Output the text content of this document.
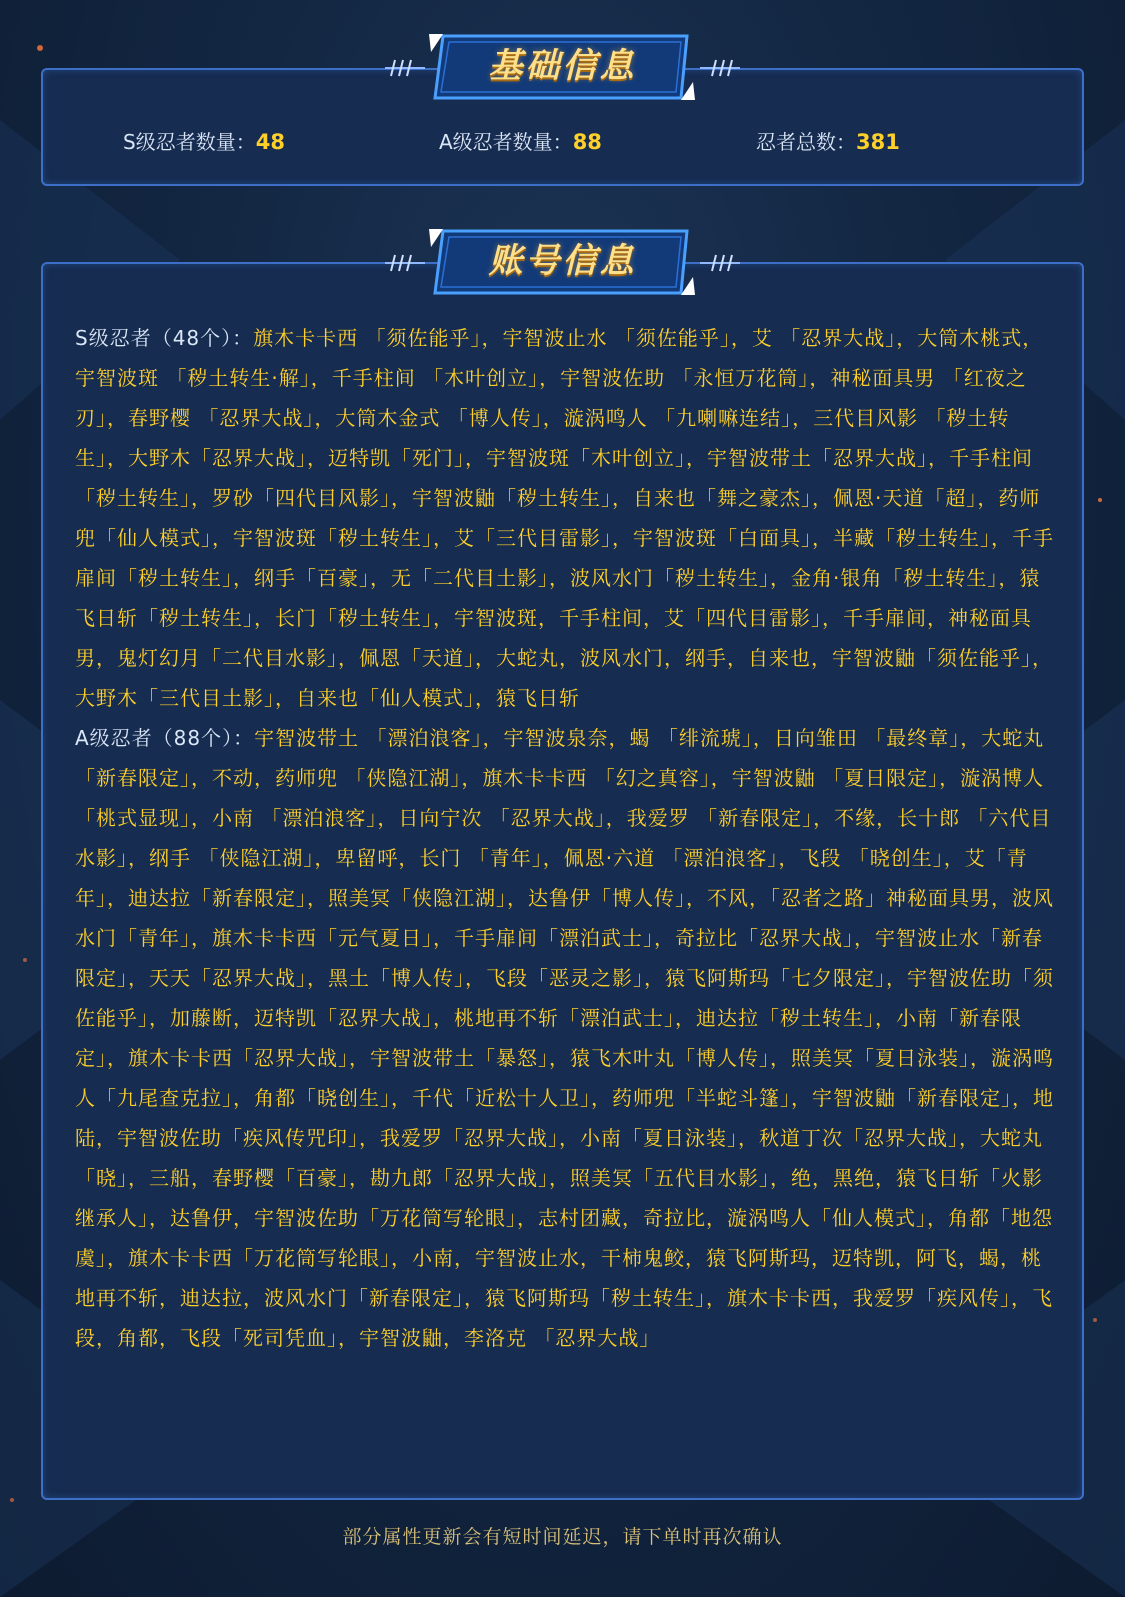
S级忍者数量：48	A级忍者数量：88	忍者总数：381
基础信息

S级忍者（48个）：旗木卡卡西 「须佐能乎」，宇智波止水 「须佐能乎」，艾 「忍界大战」，大筒木桃式，宇智波斑 「秽土转生·解」，千手柱间 「木叶创立」，宇智波佐助 「永恒万花筒」，神秘面具男 「红夜之刃」，春野樱 「忍界大战」，大筒木金式 「博人传」，漩涡鸣人 「九喇嘛连结」，三代目风影 「秽土转生」，大野木「忍界大战」，迈特凯「死门」，宇智波斑「木叶创立」，宇智波带土「忍界大战」，千手柱间「秽土转生」，罗砂「四代目风影」，宇智波鼬「秽土转生」，自来也「舞之豪杰」，佩恩·天道「超」，药师兜「仙人模式」，宇智波斑「秽土转生」，艾「三代目雷影」，宇智波斑「白面具」，半藏「秽土转生」，千手扉间「秽土转生」，纲手「百豪」，无「二代目土影」，波风水门「秽土转生」，金角·银角「秽土转生」，猿飞日斩「秽土转生」，长门「秽土转生」，宇智波斑，千手柱间，艾「四代目雷影」，千手扉间，神秘面具男，鬼灯幻月「二代目水影」，佩恩「天道」，大蛇丸，波风水门，纲手，自来也，宇智波鼬「须佐能乎」，大野木「三代目土影」，自来也「仙人模式」，猿飞日斩

A级忍者（88个）：宇智波带土 「漂泊浪客」，宇智波泉奈，蝎 「绯流琥」，日向雏田 「最终章」，大蛇丸 「新春限定」，不动，药师兜 「侠隐江湖」，旗木卡卡西 「幻之真容」，宇智波鼬 「夏日限定」，漩涡博人「桃式显现」，小南 「漂泊浪客」，日向宁次 「忍界大战」，我爱罗 「新春限定」，不缘，长十郎 「六代目水影」，纲手 「侠隐江湖」，卑留呼，长门 「青年」，佩恩·六道 「漂泊浪客」，飞段 「晓创生」，艾「青年」，迪达拉「新春限定」，照美冥「侠隐江湖」，达鲁伊「博人传」，不风，「忍者之路」神秘面具男，波风水门「青年」，旗木卡卡西「元气夏日」，千手扉间「漂泊武士」，奇拉比「忍界大战」，宇智波止水「新春限定」，天天「忍界大战」，黑土「博人传」，飞段「恶灵之影」，猿飞阿斯玛「七夕限定」，宇智波佐助「须佐能乎」，加藤断，迈特凯「忍界大战」，桃地再不斩「漂泊武士」，迪达拉「秽土转生」，小南「新春限定」，旗木卡卡西「忍界大战」，宇智波带土「暴怒」，猿飞木叶丸「博人传」，照美冥「夏日泳装」，漩涡鸣人「九尾查克拉」，角都「晓创生」，千代「近松十人卫」，药师兜「半蛇斗篷」，宇智波鼬「新春限定」，地陆，宇智波佐助「疾风传咒印」，我爱罗「忍界大战」，小南「夏日泳装」，秋道丁次「忍界大战」，大蛇丸「晓」，三船，春野樱「百豪」，勘九郎「忍界大战」，照美冥「五代目水影」，绝，黑绝，猿飞日斩「火影继承人」，达鲁伊，宇智波佐助「万花筒写轮眼」，志村团藏，奇拉比，漩涡鸣人「仙人模式」，角都「地怨虞」，旗木卡卡西「万花筒写轮眼」，小南，宇智波止水，干柿鬼鲛，猿飞阿斯玛，迈特凯，阿飞，蝎，桃地再不斩，迪达拉，波风水门「新春限定」，猿飞阿斯玛「秽土转生」，旗木卡卡西，我爱罗「疾风传」，飞段，角都，飞段「死司凭血」，宇智波鼬，李洛克 「忍界大战」

账号信息
部分属性更新会有短时间延迟，请下单时再次确认
